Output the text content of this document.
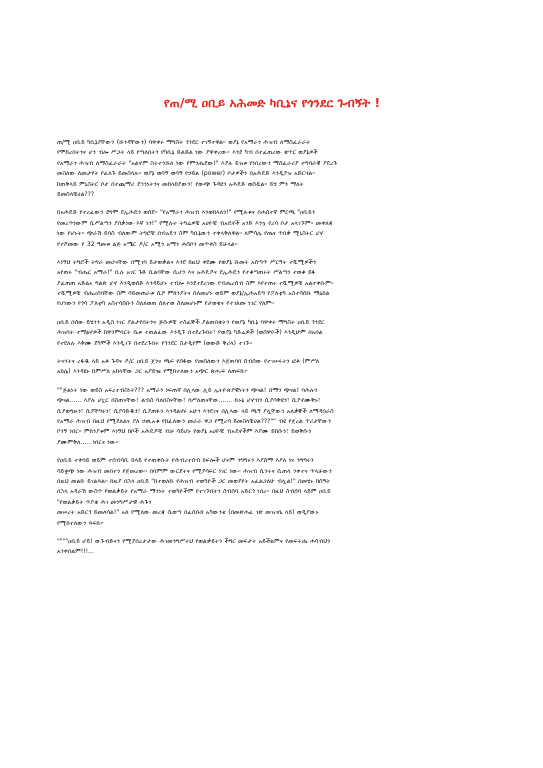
የጠ/ሚ ዐቢይ አሕመድ ካቢኔና የጎንደር ጉብኝት !
ጠ/ሚ ዐቢይ ካቢኔያቸውን (ሹንዳቸውን) ባዋቀሩ ማግስት ጎንደር ተገኝተዋል። ወያኔ የአማራን ሕዝብ ለማስፈራራት
የሞከረበትንና ሆን ብሎ ሥጋት ላይ የጣለበትን የካቢኔ ድልድል ነው ያዋቀረው። እንደ ካብ በተፈጠረው ቁጥር ወያኔዎች
የአማራን ሕዝብ ለማስፈራራት "አልኖም ስትተንሹለ ነው የምንሔደው!" እያሉ ይዝቱ የነበረውን ማስፈራሪያ ተግባራዊ ያደረጉ
መስለው ለመታየት የፈለጉ ይመስላሉ። ወያኔ ወሳኝ ወሳኝ የኃይል (power) ቦታዎችን በአሕዴድ እንዲያዝ አድርጓል።
ከጠቅላይ ምኒስትር ቦታ በተጨማሪ ደኅንነትንና መከላከያውን፣ የውጭ ጉዳዩን አሕዴድ ወሰዷል። ይሄ ምን ማለት
ይመስላቹሀል???
ከአሕዴድ የተረፈውን ደግሞ ደኢሕዴን ወሰደ። "የአማራን ሕዝብ እንወክላለን!" የሚሉቱና በሐሰተኛ ምርጫ "ዐቢይን
የመረጥነውም ሲሥልጣን ያበቃነው እኛ ነን!" የሚሉት ትግሬዎቹ አሀዮቹ ብአዴኖች አንድ እንኳ የረባ ቦታ አላገኙም። መቀለጃ
ነው የሆኑት። ጭራሽ ይባስ ብለውም ትግሮቹ በብአዴን ስም ካቢኔውን ተቀላቅለዋል። ለምሳሌ የጤና ጥበቃ ሚኒስትር ሆኖ
የተሾመው የ 32 ዓመቱ ልጅ አሜር ዶ/ር አሚን አማን ሐሰቦን መጥቀስ ይቻላል።
እነኝህ ትግሮች ትግራ መሆናቸው በሚገባ ይታወቃልና እንደ ከዚህ ቀደሙ የወያኔ ሹመት አሰጣጥ ሥርዓት ተሿሚዎችን
አየጠሩ "ብሔር አማራ!" ቢሉ አገር ጉድ ሲልባቸው ሲሆን እና አሕዴዶና ደኢሕዴን የተቆጣጠሩት ሥልጣን ተወቆ ይፋ
ያፈጠጠ አድልኦ ግልጽ ሆኖ እንዲወሰድ እንዳይሆኑ ተብሎ እንደተደረገው የብሔረሰብ ስም እየተጠሩ ተሿሚዎቹ አልተቀቡም።
ተሿሚዎቹ ብሔረሰባቸው ስም ሳይመጠራቱ ሲሾ ምክንያትና ሰለመሆኑ ወይም ወያኔ/ኢሕአዴግ የፖለቲካ አስተሳሰቡ ማዕከል
የሆነውን የጎሳ ፖለቲካ አስተሳሰቡን ስለለወጠ ሰለተወ ስለመሆኑም የታወቁና የተገለጡ ነገር የለም።
ዐቢይ በሰው ይሄንን አዲስ ነገር ያልታየበትንና ጅሱዎቹ ተስፈኞች ያልጠበቁትን የወያኔ ካቢኔ ባዋቀሩ ማግስት ዐቢይ ጎንደር
ሕዝባት ተማፅኖዎች ከዋንምባርት ቤቱ ተጠልፈው እንዲኙ በተደረጉበት፣ የወያኔ ካድሬዎች (ወሰዋዮች) እንዲሁም በአበል
የተደለሉ እቅሙ ደካሞች እንዲገኙ በተደረጉበት የጎንደር ስታዲየም (ወውድ ቅሪላ) ተገኙ።
ትናንትና ረፋዱ ላይ አቶ ጉዳና ዶ/ር ዐቢይ ጀንና ጫፍ የሰፋው የመሰለውን እጀጠባባ ሰብሰው የተገሠሩትን ፎቶ (ምሥለ
አክሌ) እንዳዩኑ ከምሥለ አከላቸው ጋር አያይዤ የሚከተለውን አጭር ጽሑፍ ለጠፍኩ፦
""ጅልነት ነው ወይስ አፍረተብስነት??? አማራን ነፍጠኛ በሊላው ሊይ ኢትዮጵያዊነትን ጭናል! ሸማን ጭናል! ባሕሉን
ጭናል...... እያሉ ሆኗር በስጠናቸው፣ ልብስ ሳለበስናቸው፣ ባሥለጠናቸው....... ኩኑኔ ሆኖብን ሲያሳቅዩን፣ ሲያኖሙቅኑ፣
ሲያወግዙን፣ ሲያቸግሩን፣ ሲያሳድዱን፣ ሲያጠፉን እንዳልኖሩ አሁን እንደገና በሊላው ላይ ጫኝ ያሏቸውን አለቃኞች ለማዳበራስ
የአማራ ሕዝብ በዚህ የሚደለልና ያለ ኃጢአቱ የከፈለውን መራራ ዋጋ የሚረሳ ይመስላቹሀል???"" ብዩ የጀረል ጥሪታቸውን
ኮንኝ ነበር። ምክንያቱም እነኝህ ከቦች አሕዴዶቹ ብቻ ሳይሆኑ የወያኔ አሀዮቹ ብአዴኖችም እያሙ ይከሱን፣ ይወቅሱን
ያሙምቅለ..... ነበርና ነው።
የዐቢይ ተቀባይ ወይም ተሰብሳቢ ከላይ የተጠቀሱት የሕብረተሰብ ክፍሎች ሆናም ንግግሩን እያሰማ እያለ ነና ንግግሩን
ሳይቋጭ ነው ሕዝብ መበተን የጀመረው። በባምም ውርደትና የሚያሳፍር ነገር ነው። ሕዝብ ሲንትና ሲጠላ ንቀተና ጥላቻውን
በዚህ መልኩ ይገልጻል። ከዚያ በኋላ ዐቢይ "ከተወለኩ የሕዝብ ተወካዮች ጋር መወያየት አፈልጋለሁ ብሏል!" በመሄኑ ከሰዓት
በኋላ አዳራሽ ውስጥ የወልቃይት የአማራ ማንነት ተወካዮችም የተገኙበትን ስብሰባ አድርጎ ነበረ። በዚህ ስብሰባ ላይም ዐቢይ
"የወልቃይት ጥያቄ ሕገ መንግሥታዊ ሕጉን
መሠረት አድርጎ ይመለሳል!" አለ የሚለው መረጃ ሲወጣ በፈሰቡክ አካውንቴ (በመጽሐፈ ገጽ መዝገቤ ላይ) ወዲያውኑ
የሚከተለውን ጻፍኩ፦
""""ዐቢይ ሆይ! ውጉብድናን የሚያበረታታው ሕገመንግሥትህ የወልቃይትን ችግር መፍታት አይችልምና የመፍትሔ ሐሳብህን
አንቀበልም!!!...
